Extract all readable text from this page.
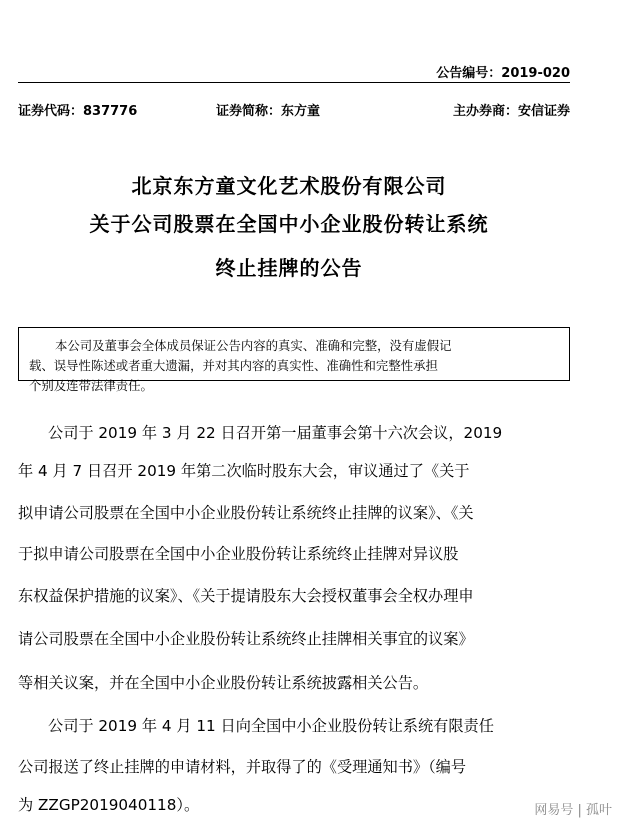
公告编号：2019-020
证券代码：837776	证券简称：东方童	主办券商：安信证券
北京东方童文化艺术股份有限公司
关于公司股票在全国中小企业股份转让系统
终止挂牌的公告
本公司及董事会全体成员保证公告内容的真实、准确和完整，没有虚假记
载、误导性陈述或者重大遗漏，并对其内容的真实性、准确性和完整性承担
个别及连带法律责任。
公司于 2019 年 3 月 22 日召开第一届董事会第十六次会议，2019
年 4 月 7 日召开 2019 年第二次临时股东大会，审议通过了《关于
拟申请公司股票在全国中小企业股份转让系统终止挂牌的议案》、《关
于拟申请公司股票在全国中小企业股份转让系统终止挂牌对异议股
东权益保护措施的议案》、《关于提请股东大会授权董事会全权办理申
请公司股票在全国中小企业股份转让系统终止挂牌相关事宜的议案》
等相关议案，并在全国中小企业股份转让系统披露相关公告。
公司于 2019 年 4 月 11 日向全国中小企业股份转让系统有限责任
公司报送了终止挂牌的申请材料，并取得了的《受理通知书》（编号
为 ZZGP2019040118）。	网易号 | 孤叶
